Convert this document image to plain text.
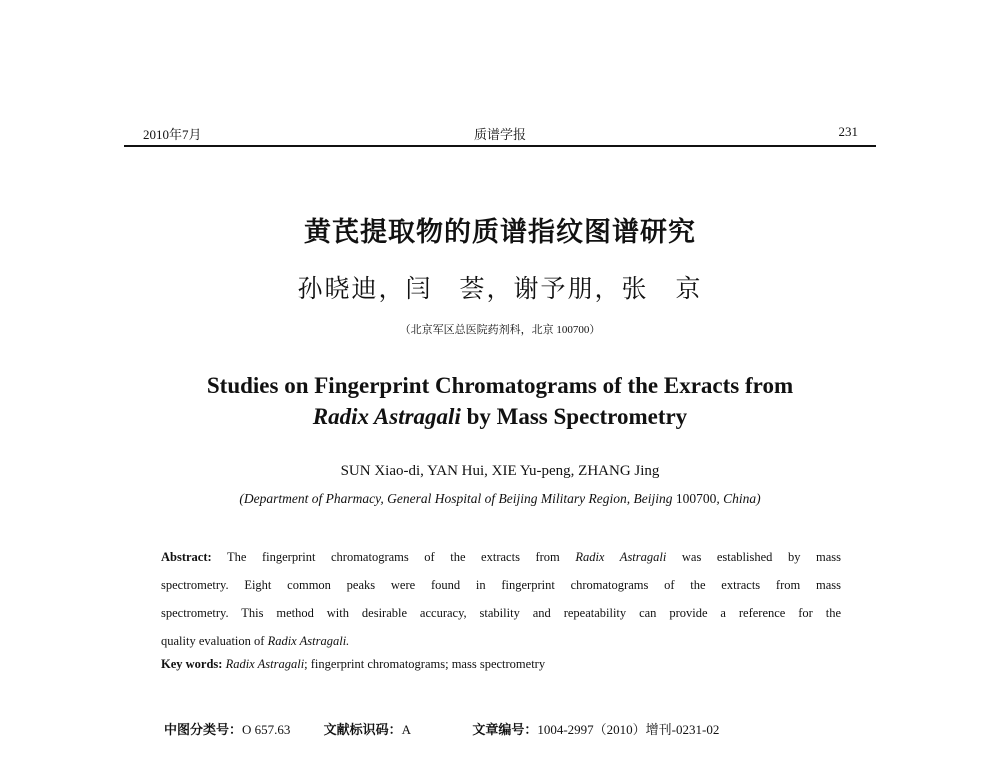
2010年7月	质谱学报	231
黄芪提取物的质谱指纹图谱研究
孙晓迪，闫　荟，谢予朋，张　京
（北京军区总医院药剂科，北京 100700）
Studies on Fingerprint Chromatograms of the Exracts from
Radix Astragali by Mass Spectrometry
SUN Xiao-di, YAN Hui, XIE Yu-peng, ZHANG Jing
(Department of Pharmacy, General Hospital of Beijing Military Region, Beijing 100700, China)
Abstract: The fingerprint chromatograms of the extracts from Radix Astragali was established by mass
spectrometry. Eight common peaks were found in fingerprint chromatograms of the extracts from mass
spectrometry. This method with desirable accuracy, stability and repeatability can provide a reference for the
quality evaluation of Radix Astragali.
Key words: Radix Astragali; fingerprint chromatograms; mass spectrometry
中图分类号：O 657.63	文献标识码：A	文章编号：1004-2997（2010）增刊-0231-02
